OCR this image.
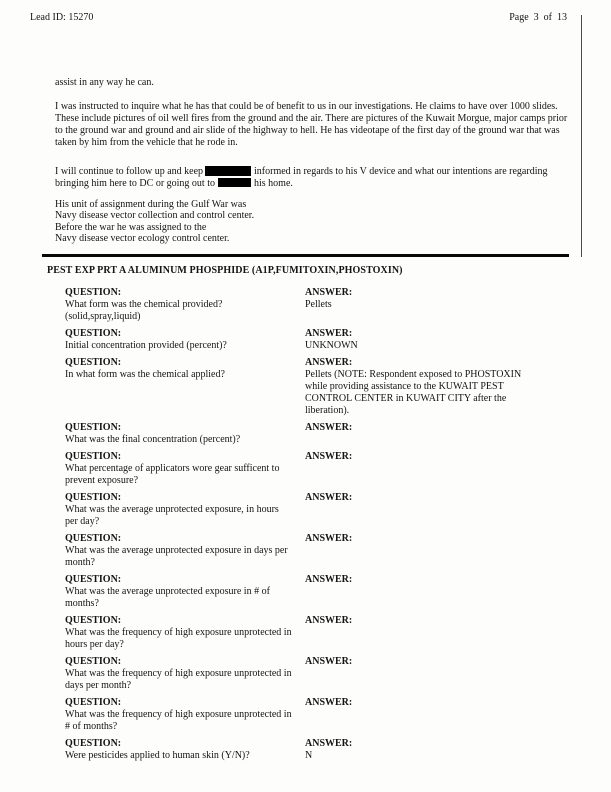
Lead ID: 15270	Page  3  of  13

assist in any way he can.

I was instructed to inquire what he has that could be of benefit to us in our investigations. He claims to have over 1000 slides. These include pictures of oil well fires from the ground and the air. There are pictures of the Kuwait Morgue, major camps prior to the ground war and ground and air slide of the highway to hell. He has videotape of the first day of the ground war that was taken by him from the vehicle that he rode in.

I will continue to follow up and keep	informed in regards to his V device and what our intentions are regarding bringing him here to DC or going out to	his home.

His unit of assignment during the Gulf War was
Navy disease vector collection and control center.
Before the war he was assigned to the
Navy disease vector ecology control center.
PEST EXP PRT A ALUMINUM PHOSPHIDE (A1P,FUMITOXIN,PHOSTOXIN)
QUESTION:
What form was the chemical provided?(solid,spray,liquid)
ANSWER:
Pellets
QUESTION:
Initial concentration provided (percent)?
ANSWER:
UNKNOWN
QUESTION:
In what form was the chemical applied?
ANSWER:
Pellets (NOTE: Respondent exposed to PHOSTOXIN while providing assistance to the KUWAIT PEST CONTROL CENTER in KUWAIT CITY after the liberation).
QUESTION:
What was the final concentration (percent)?
ANSWER:
QUESTION:
What percentage of applicators wore gear sufficent to prevent exposure?
ANSWER:
QUESTION:
What was the average unprotected exposure, in hours per day?
ANSWER:
QUESTION:
What was the average unprotected exposure in days per month?
ANSWER:
QUESTION:
What was the average unprotected exposure in # of months?
ANSWER:
QUESTION:
What was the frequency of high exposure unprotected in hours per day?
ANSWER:
QUESTION:
What was the frequency of high exposure unprotected in days per month?
ANSWER:
QUESTION:
What was the frequency of high exposure unprotected in # of months?
ANSWER:
QUESTION:
Were pesticides applied to human skin (Y/N)?
ANSWER:
N
